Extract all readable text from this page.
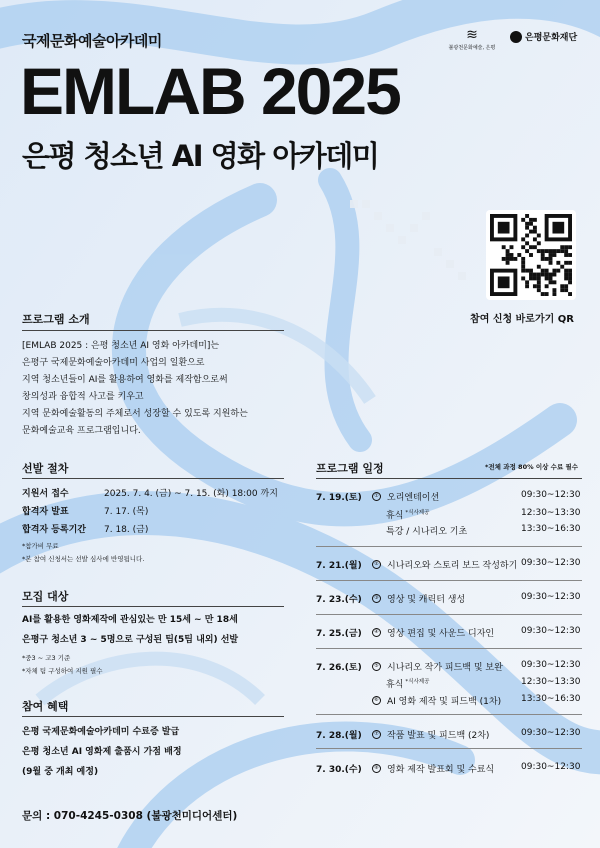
국제문화예술아카데미
EMLAB 2025
은평 청소년 AI 영화 아카데미
≋
불광천문화예술, 은평
은평문화재단
참여 신청 바로가기 QR
프로그램 소개
[EMLAB 2025 : 은평 청소년 AI 영화 아카데미]는
은평구 국제문화예술아카데미 사업의 일환으로
지역 청소년들이 AI를 활용하여 영화를 제작함으로써
창의성과 융합적 사고를 키우고
지역 문화예술활동의 주체로서 성장할 수 있도록 지원하는
문화예술교육 프로그램입니다.
선발 절차
지원서 접수	2025. 7. 4. (금) ~ 7. 15. (화) 18:00 까지
합격자 발표	7. 17. (목)
합격자 등록기간	7. 18. (금)
*참가비 무료
*본 참여 신청서는 선발 심사에 반영됩니다.
모집 대상
AI를 활용한 영화제작에 관심있는 만 15세 ~ 만 18세
은평구 청소년 3 ~ 5명으로 구성된 팀(5팀 내외) 선발
*중3 ~ 고3 기준
*자체 팀 구성하여 지원 필수
참여 혜택
은평 국제문화예술아카데미 수료증 발급
은평 청소년 AI 영화제 출품시 가점 배정
(9월 중 개최 예정)
프로그램 일정	*전체 과정 80% 이상 수료 필수
7. 19.(토)	① 오리엔테이션	09:30~12:30
휴식 $^{*식사제공}$	12:30~13:30
특강 / 시나리오 기초	13:30~16:30
7. 21.(월)	② 시나리오와 스토리 보드 작성하기 09:30~12:30
7. 23.(수)	③ 영상 및 캐릭터 생성	09:30~12:30
7. 25.(금)	④ 영상 편집 및 사운드 디자인	09:30~12:30
7. 26.(토)	⑤ 시나리오 작가 피드백 및 보완 09:30~12:30
휴식 $^{*식사제공}$	12:30~13:30
⑥ AI 영화 제작 및 피드백 (1차) 13:30~16:30
7. 28.(월)	⑦ 작품 발표 및 피드백 (2차)	09:30~12:30
7. 30.(수)	⑧ 영화 제작 발표회 및 수료식	09:30~12:30
문의 : 070-4245-0308 (불광천미디어센터)
